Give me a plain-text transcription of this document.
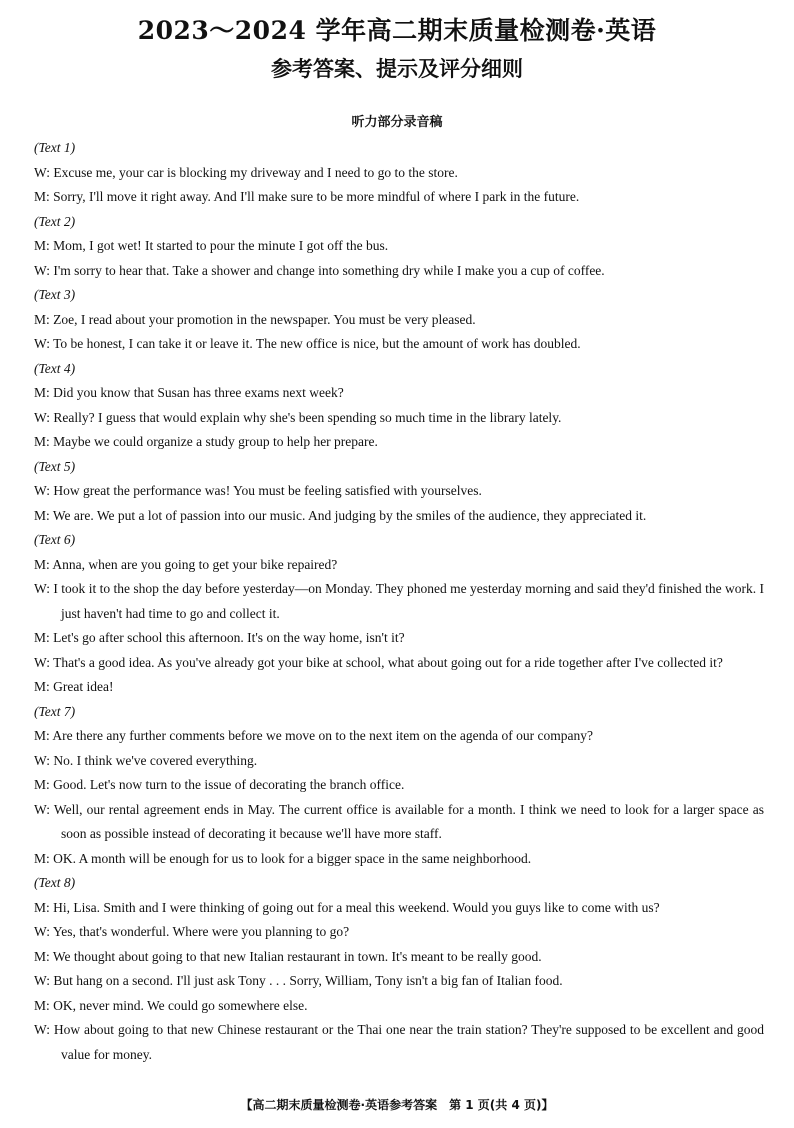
2023～2024 学年高二期末质量检测卷·英语
参考答案、提示及评分细则
听力部分录音稿
(Text 1)
W: Excuse me, your car is blocking my driveway and I need to go to the store.
M: Sorry, I'll move it right away. And I'll make sure to be more mindful of where I park in the future.
(Text 2)
M: Mom, I got wet! It started to pour the minute I got off the bus.
W: I'm sorry to hear that. Take a shower and change into something dry while I make you a cup of coffee.
(Text 3)
M: Zoe, I read about your promotion in the newspaper. You must be very pleased.
W: To be honest, I can take it or leave it. The new office is nice, but the amount of work has doubled.
(Text 4)
M: Did you know that Susan has three exams next week?
W: Really? I guess that would explain why she's been spending so much time in the library lately.
M: Maybe we could organize a study group to help her prepare.
(Text 5)
W: How great the performance was! You must be feeling satisfied with yourselves.
M: We are. We put a lot of passion into our music. And judging by the smiles of the audience, they appreciated it.
(Text 6)
M: Anna, when are you going to get your bike repaired?
W: I took it to the shop the day before yesterday—on Monday. They phoned me yesterday morning and said they'd finished the work. I just haven't had time to go and collect it.
M: Let's go after school this afternoon. It's on the way home, isn't it?
W: That's a good idea. As you've already got your bike at school, what about going out for a ride together after I've collected it?
M: Great idea!
(Text 7)
M: Are there any further comments before we move on to the next item on the agenda of our company?
W: No. I think we've covered everything.
M: Good. Let's now turn to the issue of decorating the branch office.
W: Well, our rental agreement ends in May. The current office is available for a month. I think we need to look for a larger space as soon as possible instead of decorating it because we'll have more staff.
M: OK. A month will be enough for us to look for a bigger space in the same neighborhood.
(Text 8)
M: Hi, Lisa. Smith and I were thinking of going out for a meal this weekend. Would you guys like to come with us?
W: Yes, that's wonderful. Where were you planning to go?
M: We thought about going to that new Italian restaurant in town. It's meant to be really good.
W: But hang on a second. I'll just ask Tony . . . Sorry, William, Tony isn't a big fan of Italian food.
M: OK, never mind. We could go somewhere else.
W: How about going to that new Chinese restaurant or the Thai one near the train station? They're supposed to be excellent and good value for money.
【高二期末质量检测卷·英语参考答案　第 1 页(共 4 页)】
